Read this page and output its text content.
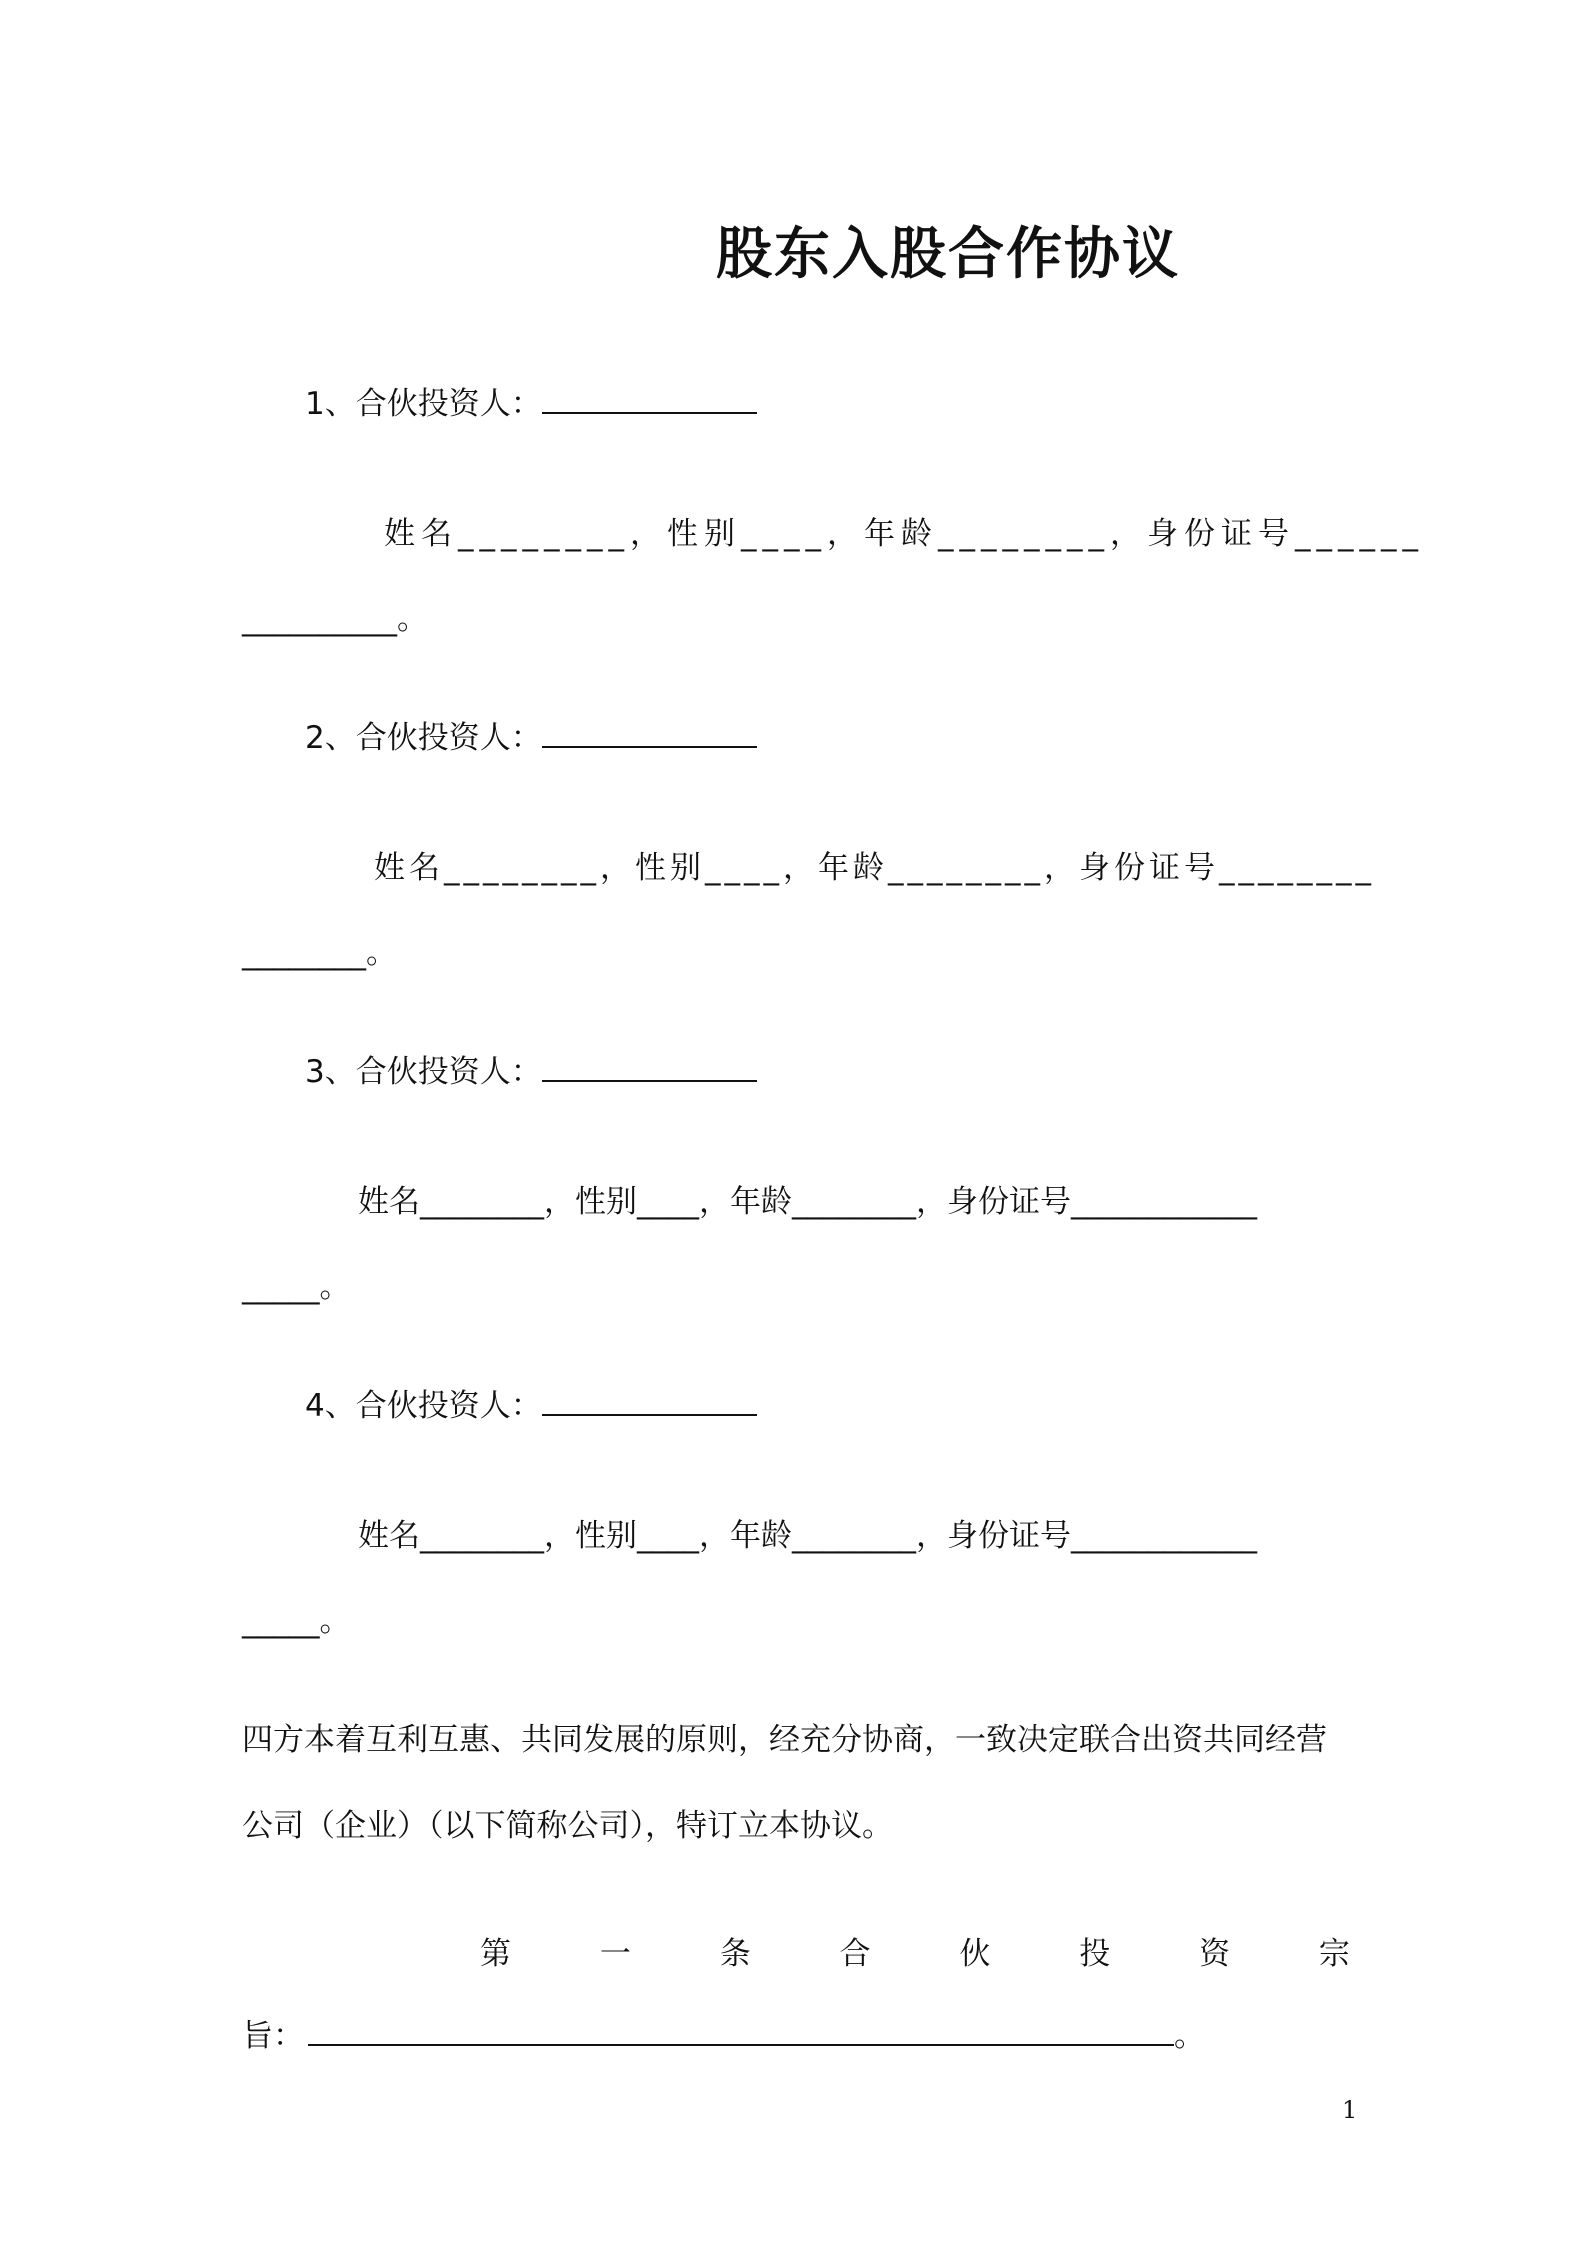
股东入股合作协议
1、合伙投资人：
姓名________，性别____，年龄________，身份证号______
__________。
2、合伙投资人：
姓名________，性别____，年龄________，身份证号________
________。
3、合伙投资人：
姓名________，性别____，年龄________，身份证号____________
_____。
4、合伙投资人：
姓名________，性别____，年龄________，身份证号____________
_____。
四方本着互利互惠、共同发展的原则，经充分协商，一致决定联合出资共同经营
公司（企业）（以下简称公司），特订立本协议。
第	一	条	合	伙	投	资	宗
旨：	。
1
